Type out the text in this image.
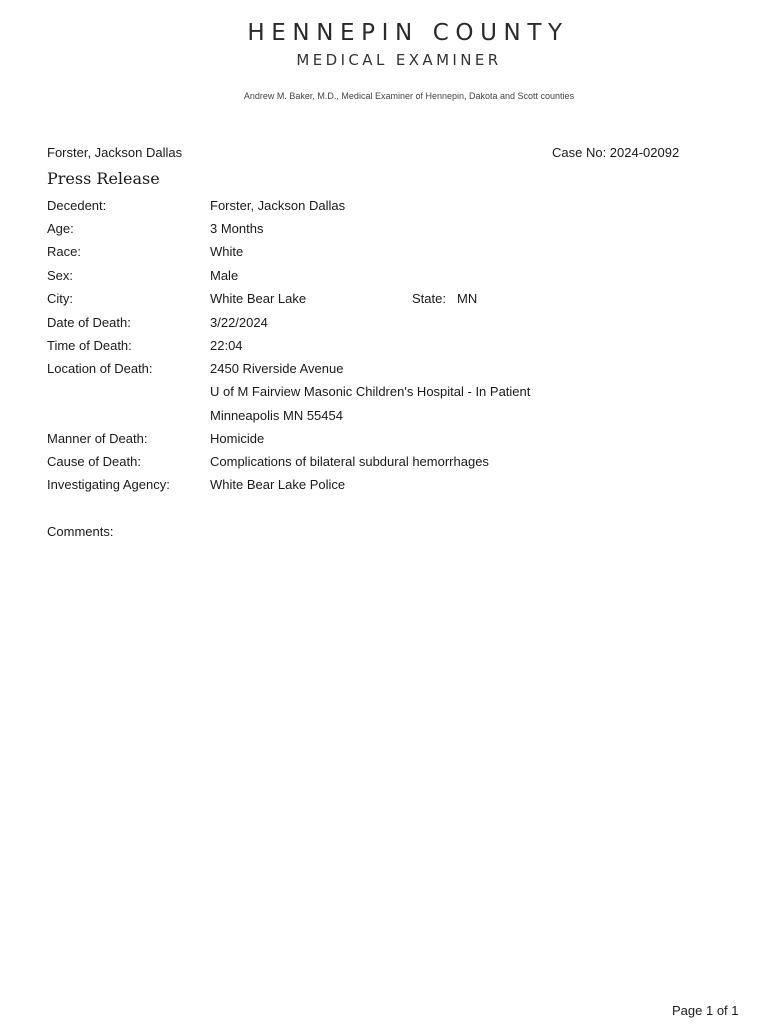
HENNEPIN COUNTY
MEDICAL EXAMINER
Andrew M. Baker, M.D., Medical Examiner of Hennepin, Dakota and Scott counties
Forster, Jackson Dallas	Case No: 2024-02092
Press Release
Decedent:	Forster, Jackson Dallas
Age:	3 Months
Race:	White
Sex:	Male
City:	White Bear Lake	State: MN
Date of Death:	3/22/2024
Time of Death:	22:04
Location of Death:	2450 Riverside Avenue
U of M Fairview Masonic Children's Hospital - In Patient
Minneapolis MN 55454
Manner of Death:	Homicide
Cause of Death:	Complications of bilateral subdural hemorrhages
Investigating Agency:	White Bear Lake Police
Comments:
Page 1 of 1
